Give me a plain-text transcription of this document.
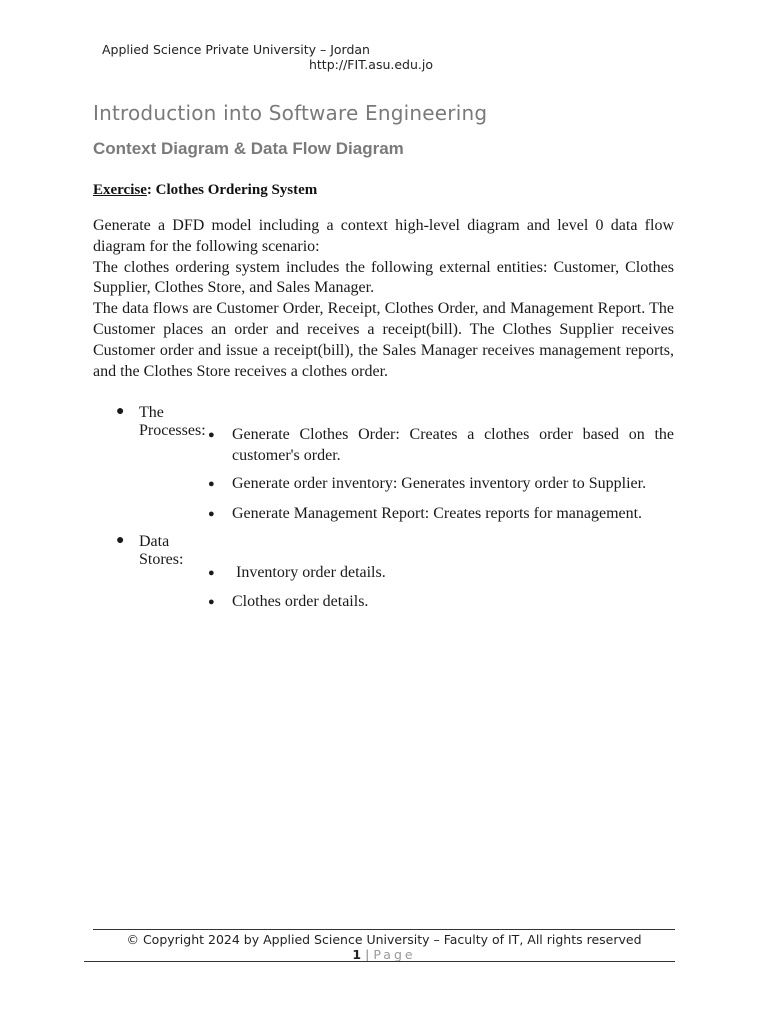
Applied Science Private University – Jordan
http://FIT.asu.edu.jo
Introduction into Software Engineering
Context Diagram & Data Flow Diagram
Exercise: Clothes Ordering System

Generate a DFD model including a context high-level diagram and level 0 data flow diagram for the following scenario:

The clothes ordering system includes the following external entities: Customer, Clothes Supplier, Clothes Store, and Sales Manager.

The data flows are Customer Order, Receipt, Clothes Order, and Management Report. The Customer places an order and receives a receipt(bill). The Clothes Supplier receives Customer order and issue a receipt(bill), the Sales Manager receives management reports, and the Clothes Store receives a clothes order.

● The Processes: ● Generate Clothes Order: Creates a clothes order based on the customer's order.
● Generate order inventory: Generates inventory order to Supplier.
● Generate Management Report: Creates reports for management.
● Data Stores:
● Inventory order details.
● Clothes order details.
© Copyright 2024 by Applied Science University – Faculty of IT, All rights reserved
1 | Page
